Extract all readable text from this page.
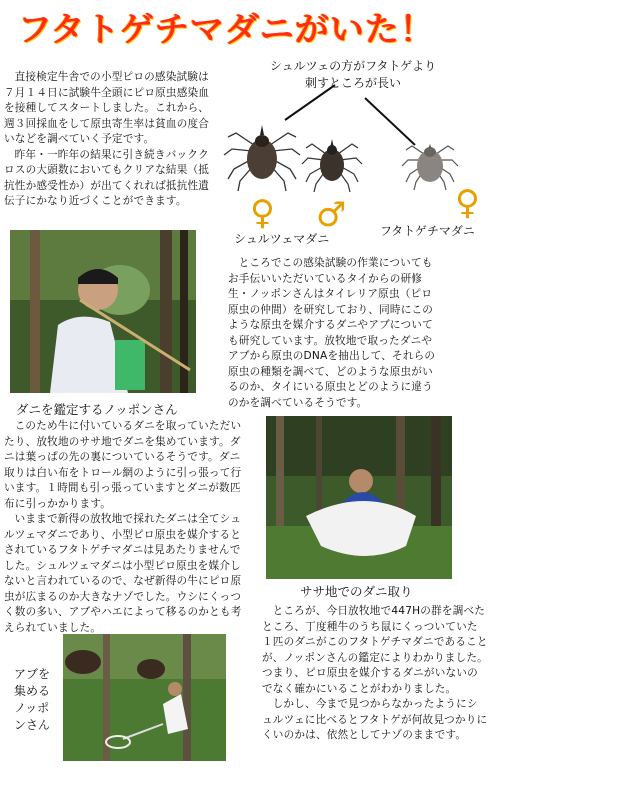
フタトゲチマダニがいた！

直接検定牛舎での小型ピロの感染試験は７月１４日に試験牛全頭にピロ原虫感染血を接種してスタートしました。これから、週３回採血をして原虫寄生率は貧血の度合いなどを調べていく予定です。

昨年・一昨年の結果に引き続きバッククロスの大頭数においてもクリアな結果（抵抗性か感受性か）が出てくれれば抵抗性遺伝子にかなり近づくことができます。

シュルツェの方がフタトゲより
刺すところが長い
♀ ♂	♀
シュルツェマダニ
フタトゲチマダニ
ダニを鑑定するノッポンさん
ところでこの感染試験の作業についてもお手伝いいただいているタイからの研修生・ノッポンさんはタイレリア原虫（ピロ原虫の仲間）を研究しており、同時にこのような原虫を媒介するダニやアブについても研究しています。放牧地で取ったダニやアブから原虫のDNAを抽出して、それらの原虫の種類を調べて、どのような原虫がいるのか、タイにいる原虫とどのように違うのかを調べているそうです。

このため牛に付いているダニを取っていただいたり、放牧地のササ地でダニを集めています。ダニは葉っぱの先の裏についているそうです。ダニ取りは白い布をトロール網のように引っ張って行います。１時間も引っ張っていますとダニが数匹布に引っかかります。

いままで新得の放牧地で採れたダニは全てシュルツェマダニであり、小型ピロ原虫を媒介するとされているフタトゲチマダニは見あたりませんでした。シュルツェマダニは小型ピロ原虫を媒介しないと言われているので、なぜ新得の牛にピロ原虫が広まるのか大きなナゾでした。ウシにくっつく数の多い、アブやハエによって移るのかとも考えられていました。

ササ地でのダニ取り
アブを
集める
ノッポ
ンさん

ところが、今日放牧地で447Hの群を調べたところ、丁度種牛のうち鼠にくっついていた１匹のダニがこのフタトゲチマダニであることが、ノッポンさんの鑑定によりわかりました。つまり、ピロ原虫を媒介するダニがいないのでなく確かにいることがわかりました。

しかし、今まで見つからなかったようにシュルツェに比べるとフタトゲが何故見つかりにくいのかは、依然としてナゾのままです。
